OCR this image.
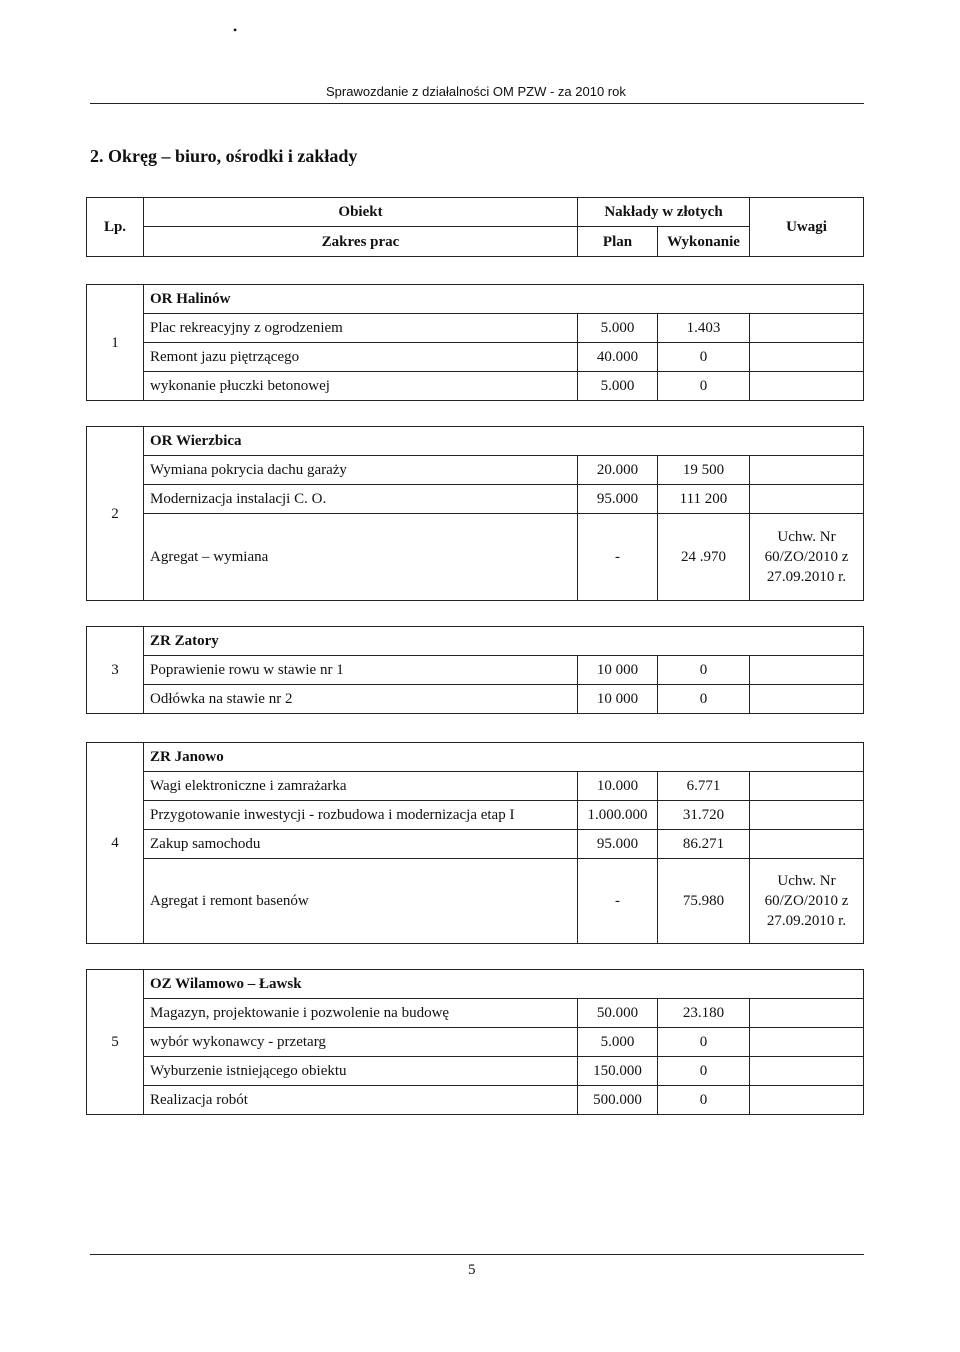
•
Sprawozdanie z działalności OM PZW - za 2010 rok
2. Okręg – biuro, ośrodki i zakłady
Lp.	Obiekt	Nakłady w złotych		Uwagi
	Zakres prac	Plan	Wykonanie	
1	OR Halinów			
	Plac rekreacyjny z ogrodzeniem	5.000	1.403	
	Remont jazu piętrzącego	40.000	0	
	wykonanie płuczki betonowej	5.000	0	
2	OR Wierzbica			
	Wymiana pokrycia dachu garaży	20.000	19 500	
	Modernizacja instalacji C. O.	95.000	111 200	
	Agregat – wymiana	-	24 .970	Uchw. Nr
60/ZO/2010 z
27.09.2010 r.
3	ZR Zatory			
	Poprawienie rowu w stawie nr 1	10 000	0	
	Odłówka na stawie nr 2	10 000	0	
4	ZR Janowo			
	Wagi elektroniczne i zamrażarka	10.000	6.771	
	Przygotowanie inwestycji - rozbudowa i modernizacja etap I	1.000.000	31.720	
	Zakup samochodu	95.000	86.271	
	Agregat i remont basenów	-	75.980	Uchw. Nr
60/ZO/2010 z
27.09.2010 r.
5	OZ Wilamowo – Ławsk			
	Magazyn, projektowanie i pozwolenie na budowę	50.000	23.180	
	wybór wykonawcy - przetarg	5.000	0	
	Wyburzenie istniejącego obiektu	150.000	0	
	Realizacja robót	500.000	0	
5
